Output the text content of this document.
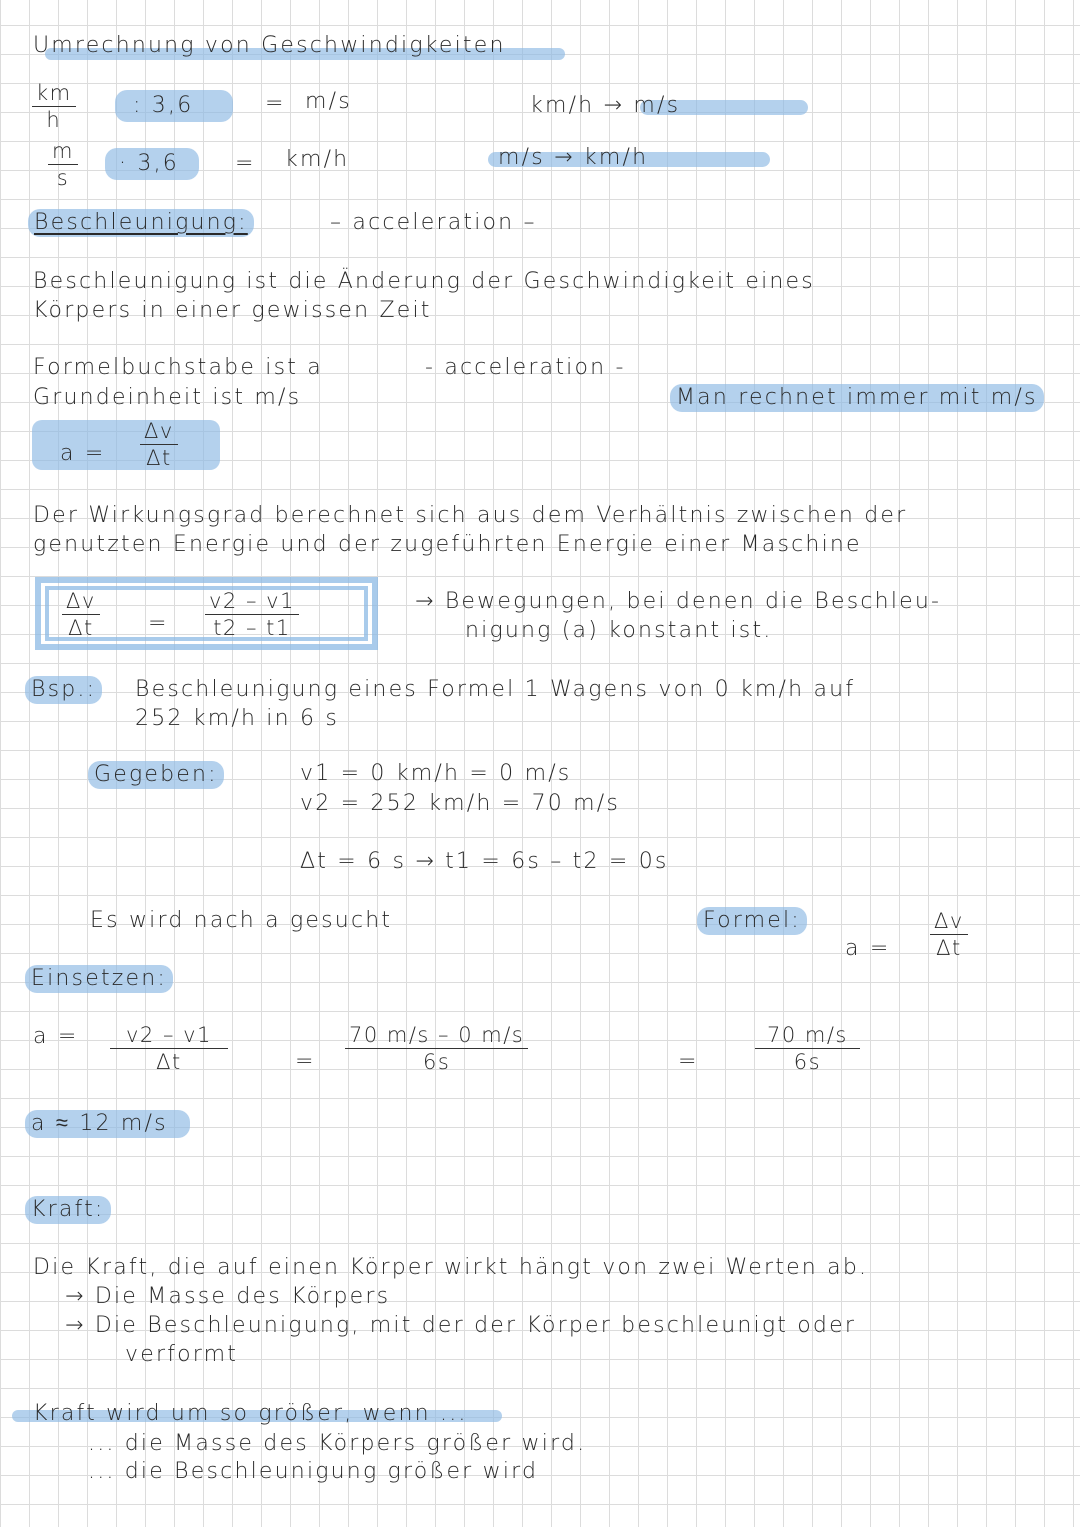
Umrechnung von Geschwindigkeiten
$\frac{km}{h}$	: 3,6	= m/s	km/h → m/s
$\frac{m}{s}$	· 3,6	= km/h	m/s → km/h
Beschleunigung:	– acceleration –
Beschleunigung ist die Änderung der Geschwindigkeit eines
Körpers in einer gewissen Zeit
Formelbuchstabe ist a	- acceleration -
Grundeinheit ist m/s	Man rechnet immer mit m/s
$a = \frac{\Delta v}{\Delta t}$
Der Wirkungsgrad berechnet sich aus dem Verhältnis zwischen der
genutzten Energie und der zugeführten Energie einer Maschine
$\frac{\Delta v}{\Delta t} = \frac{v2 - v1}{t2 - t1}$	→ Bewegungen, bei denen die Beschleu-
nigung (a) konstant ist.
Bsp.: Beschleunigung eines Formel 1 Wagens von 0 km/h auf
252 km/h in 6 s
Gegeben:	v1 = 0 km/h = 0 m/s
v2 = 252 km/h = 70 m/s
Δt = 6 s → t1 = 6s – t2 = 0s
Es wird nach a gesucht	Formel:
$a = \frac{\Delta v}{\Delta t}$
Einsetzen:
$a = \frac{v2 - v1}{\Delta t}$	= $\frac{70 m/s - 0 m/s}{6s}$	=	$\frac{70 m/s}{6s}$
a ≈ 12 m/s
Kraft:
Die Kraft, die auf einen Körper wirkt hängt von zwei Werten ab.
→ Die Masse des Körpers
→ Die Beschleunigung, mit der der Körper beschleunigt oder
verformt
Kraft wird um so größer, wenn ...
... die Masse des Körpers größer wird.
... die Beschleunigung größer wird
